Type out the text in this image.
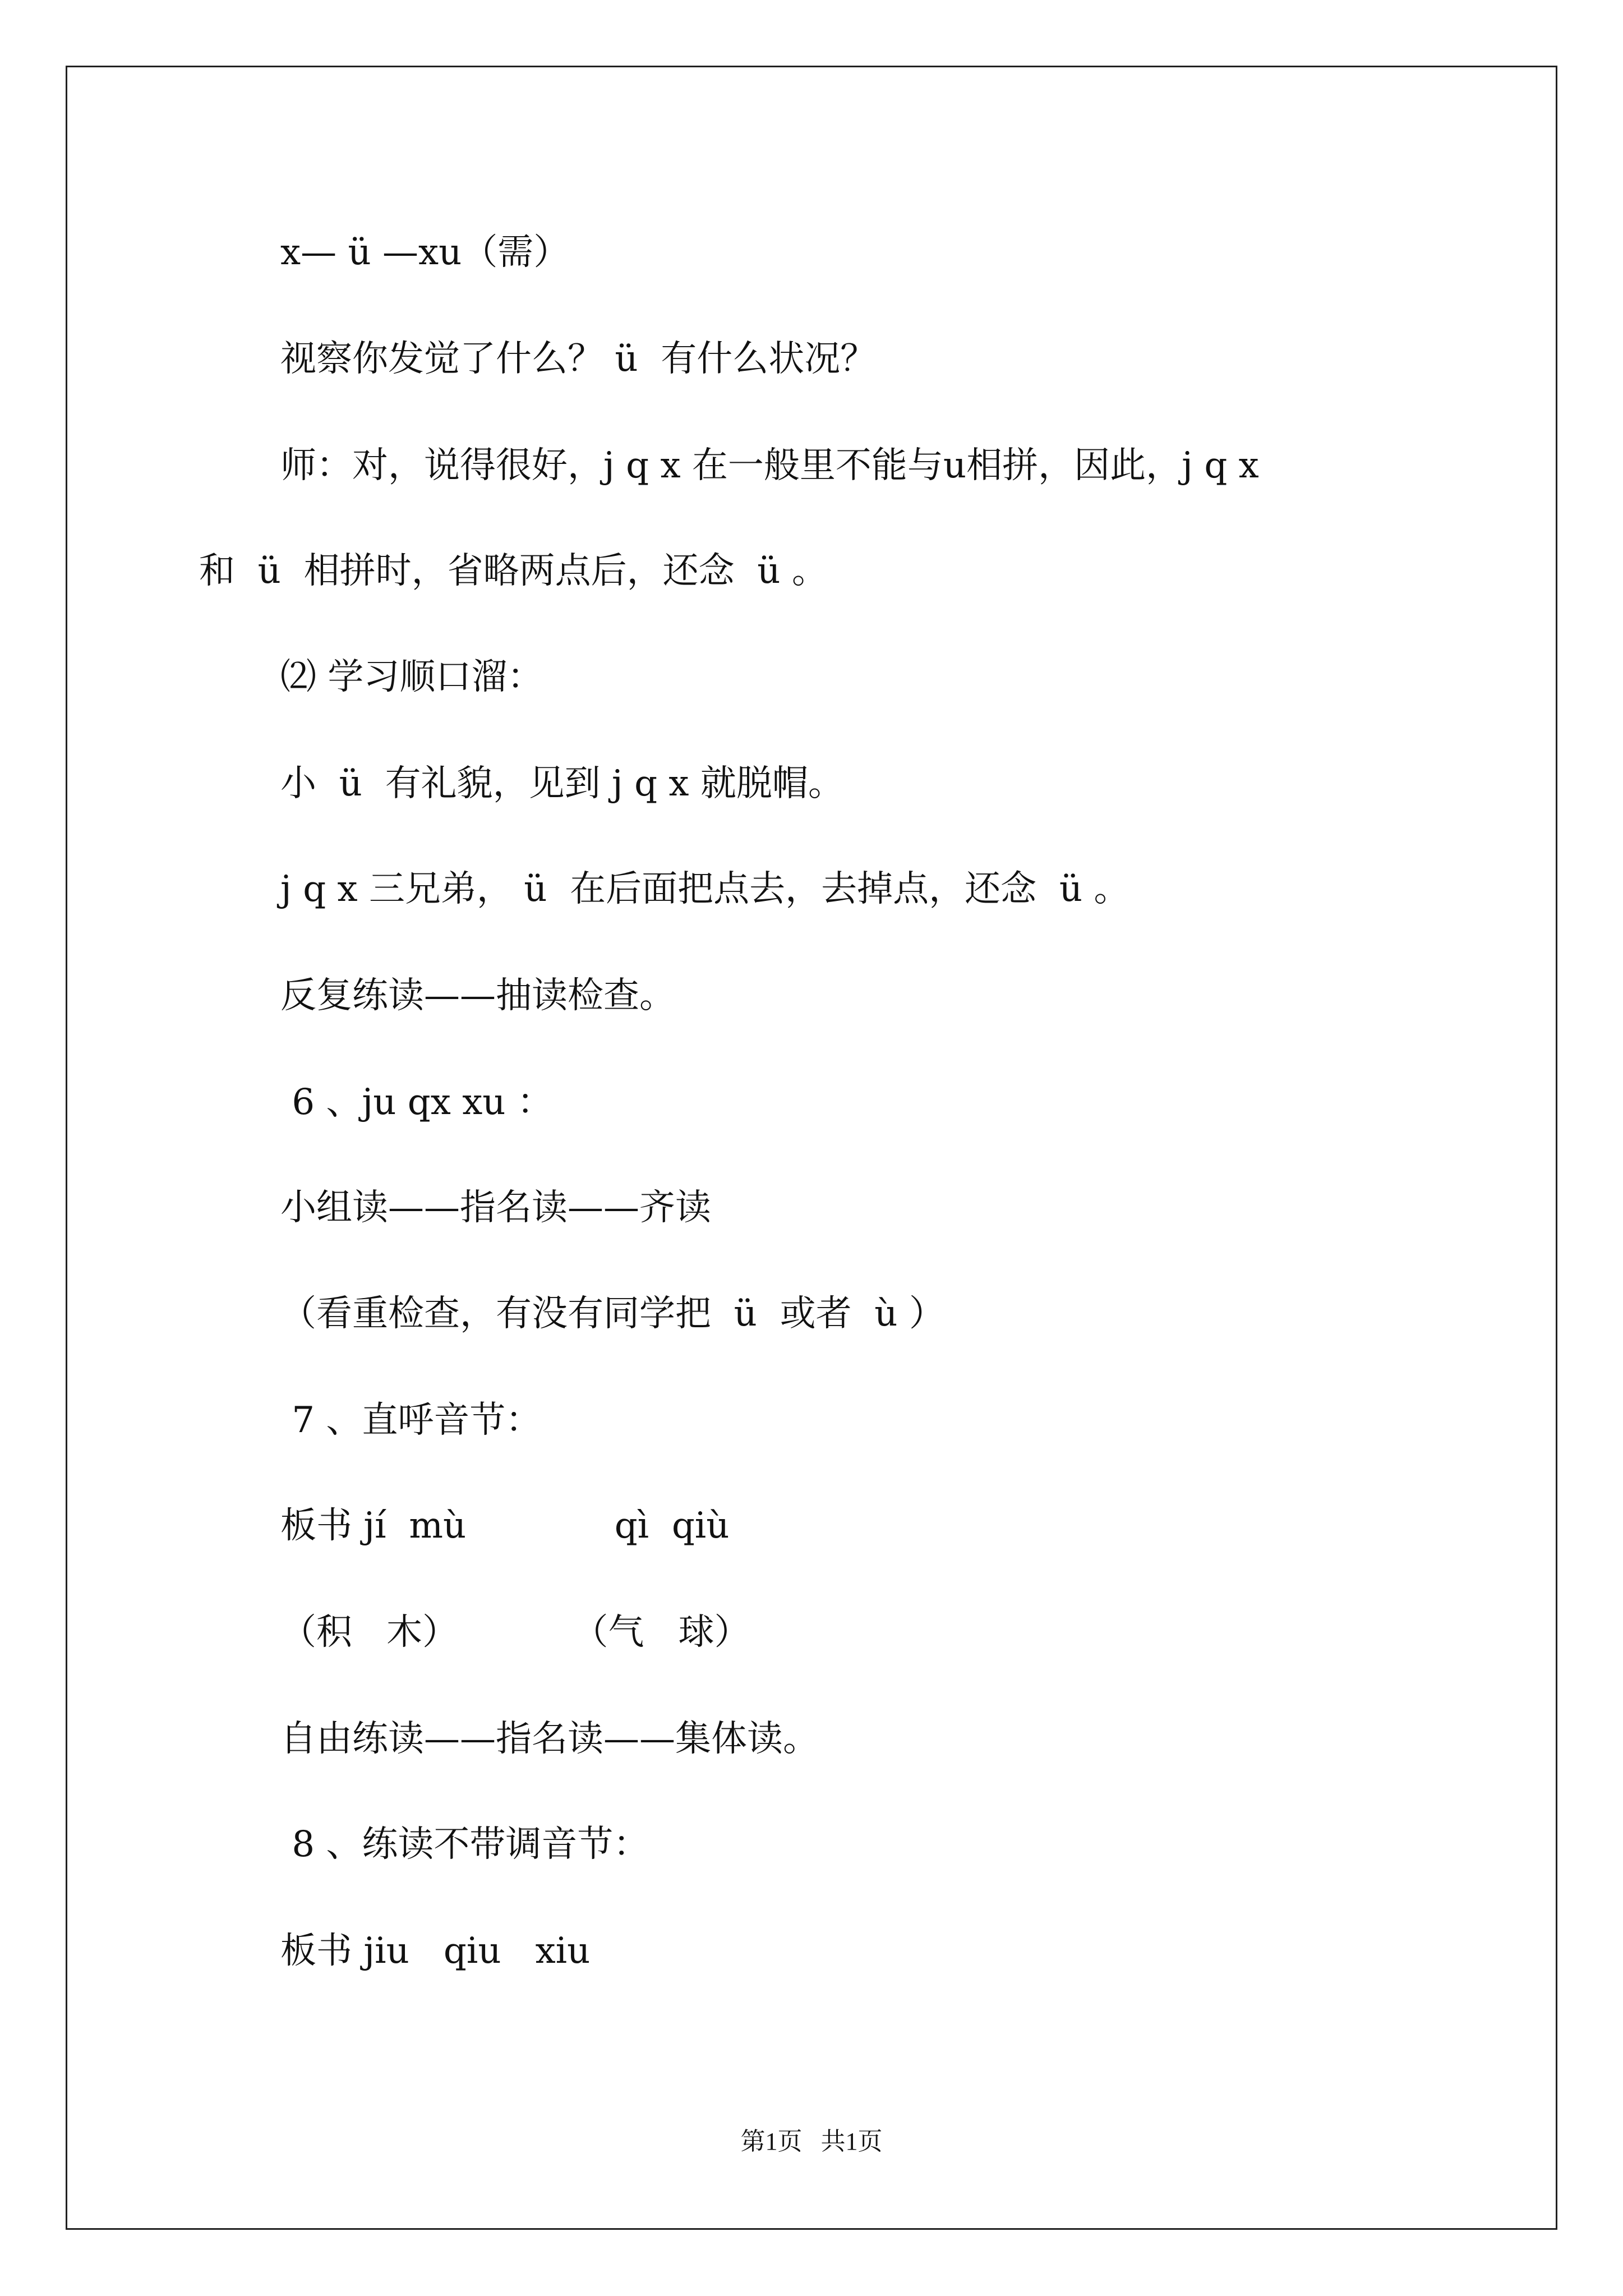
x— ü —xu（需）
视察你发觉了什么？ ü  有什么状况？
师：对，说得很好，j q x 在一般里不能与u相拼，因此，j q x
和  ü  相拼时，省略两点后，还念  ü 。
⑵ 学习顺口溜：
小  ü  有礼貌，见到 j q x 就脱帽。
j q x 三兄弟， ü  在后面把点去，去掉点，还念  ü 。
反复练读——抽读检查。
6 、ju qx xu ：
小组读——指名读——齐读
（看重检查，有没有同学把  ü  或者  ù ）
7 、直呼音节：
板书 jí  mù             qì  qiù
（积   木）          （气   球）
自由练读——指名读——集体读。
8 、练读不带调音节：
板书 jiu   qiu   xiu
第1页   共1页
